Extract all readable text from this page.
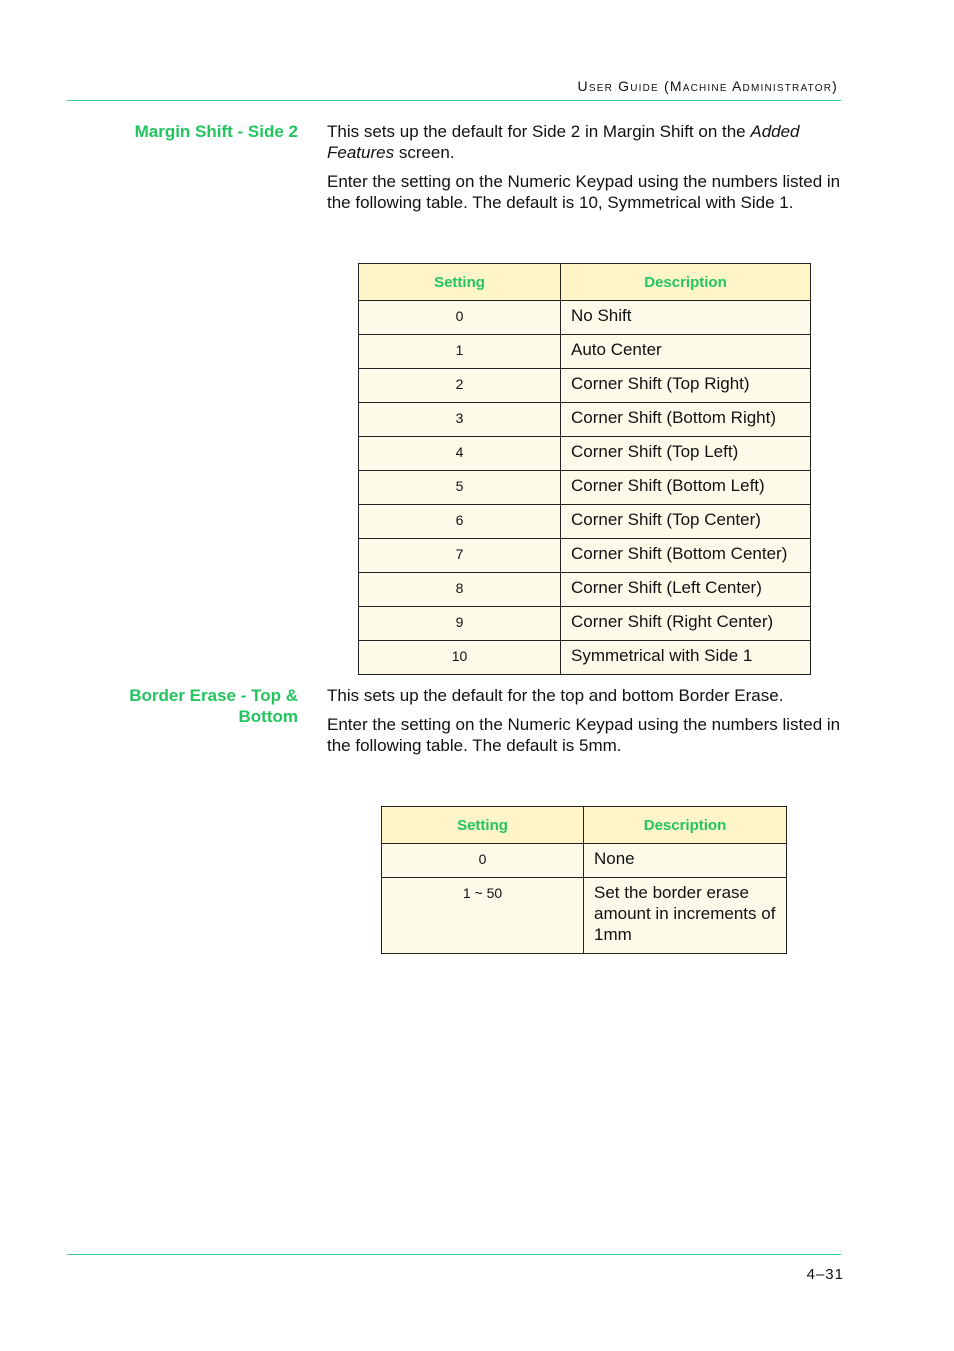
User Guide (Machine Administrator)
Margin Shift - Side 2 This sets up the default for Side 2 in Margin Shift on the Added Features screen.

Enter the setting on the Numeric Keypad using the numbers listed in the following table. The default is 10, Symmetrical with Side 1.

Setting	Description
0	No Shift
1	Auto Center
2	Corner Shift (Top Right)
3	Corner Shift (Bottom Right)
4	Corner Shift (Top Left)
5	Corner Shift (Bottom Left)
6	Corner Shift (Top Center)
7	Corner Shift (Bottom Center)
8	Corner Shift (Left Center)
9	Corner Shift (Right Center)
10	Symmetrical with Side 1
Border Erase - Top &
Bottom

This sets up the default for the top and bottom Border Erase.

Enter the setting on the Numeric Keypad using the numbers listed in the following table. The default is 5mm.

Setting	Description
0	None
1 ~ 50	Set the border erase amount in increments of 1mm
4–31
